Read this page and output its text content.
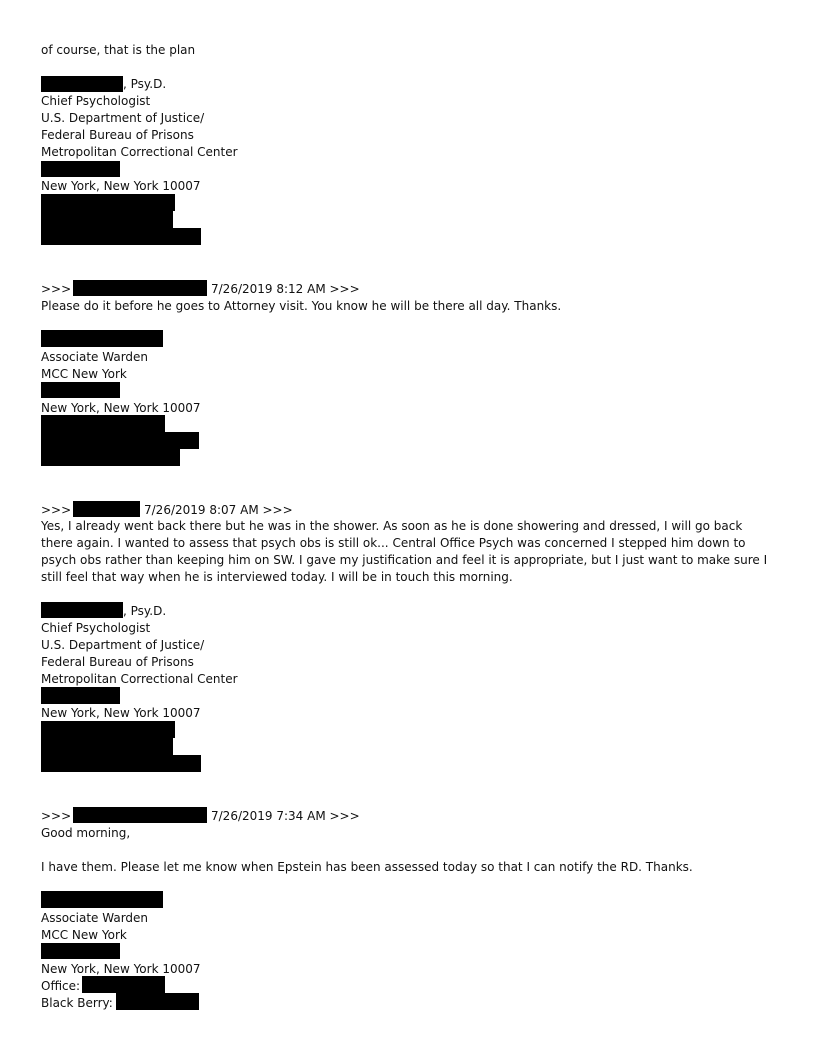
of course, that is the plan
, Psy.D.
Chief Psychologist
U.S. Department of Justice/
Federal Bureau of Prisons
Metropolitan Correctional Center
New York, New York 10007
>>>	7/26/2019 8:12 AM >>>
Please do it before he goes to Attorney visit. You know he will be there all day. Thanks.
Associate Warden
MCC New York
New York, New York 10007
>>>	7/26/2019 8:07 AM >>>
Yes, I already went back there but he was in the shower. As soon as he is done showering and dressed, I will go back there again. I wanted to assess that psych obs is still ok... Central Office Psych was concerned I stepped him down to psych obs rather than keeping him on SW. I gave my justification and feel it is appropriate, but I just want to make sure I still feel that way when he is interviewed today. I will be in touch this morning.
, Psy.D.
Chief Psychologist
U.S. Department of Justice/
Federal Bureau of Prisons
Metropolitan Correctional Center
New York, New York 10007
>>>	7/26/2019 7:34 AM >>>
Good morning,
I have them. Please let me know when Epstein has been assessed today so that I can notify the RD. Thanks.
Associate Warden
MCC New York
New York, New York 10007
Office:
Black Berry:
